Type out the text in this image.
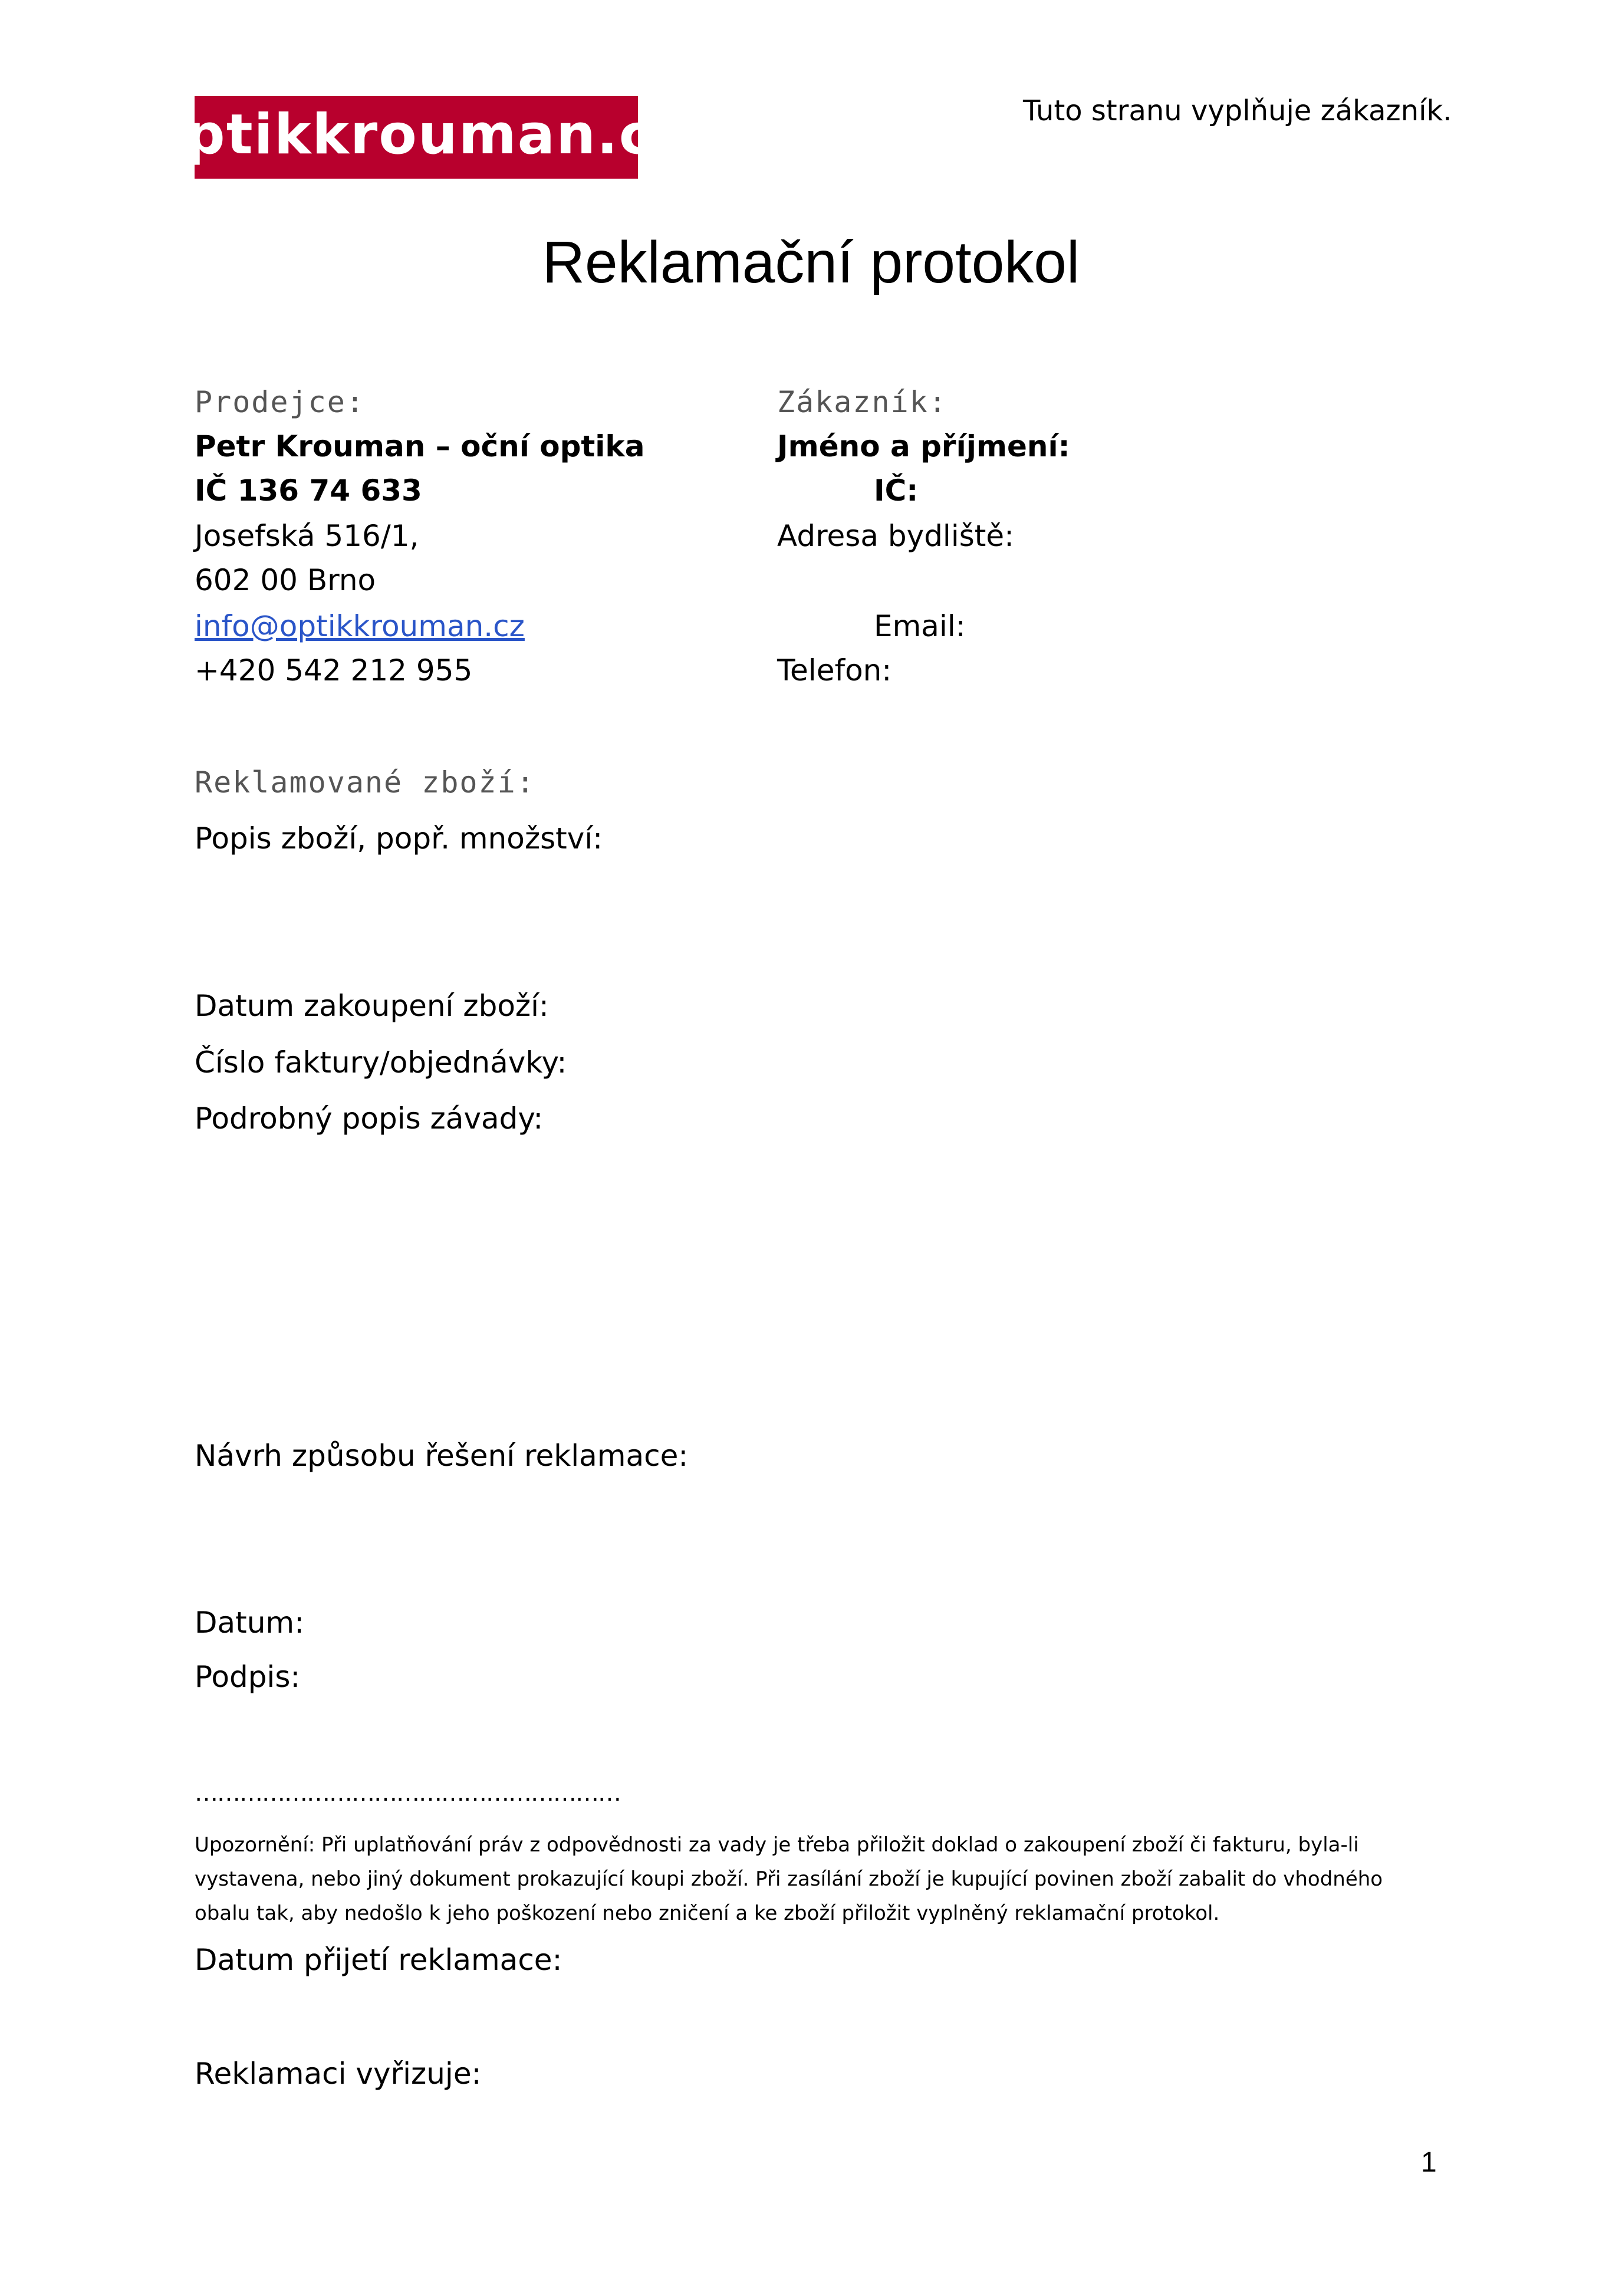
optikkrouman.cz	Tuto stranu vyplňuje zákazník.
Reklamační protokol
Prodejce:
Petr Krouman – oční optika
IČ 136 74 633
Josefská 516/1,
602 00 Brno
info@optikkrouman.cz
+420 542 212 955
Zákazník:
Jméno a příjmení:
IČ:
Adresa bydliště:
Email:
Telefon:
Reklamované zboží:
Popis zboží, popř. množství:
Datum zakoupení zboží:
Číslo faktury/objednávky:
Podrobný popis závady:
Návrh způsobu řešení reklamace:
Datum:
Podpis:
…………………………………………………
Upozornění: Při uplatňování práv z odpovědnosti za vady je třeba přiložit doklad o zakoupení zboží či fakturu, byla-li vystavena, nebo jiný dokument prokazující koupi zboží. Při zasílání zboží je kupující povinen zboží zabalit do vhodného obalu tak, aby nedošlo k jeho poškození nebo zničení a ke zboží přiložit vyplněný reklamační protokol.
Datum přijetí reklamace:
Reklamaci vyřizuje:
1
